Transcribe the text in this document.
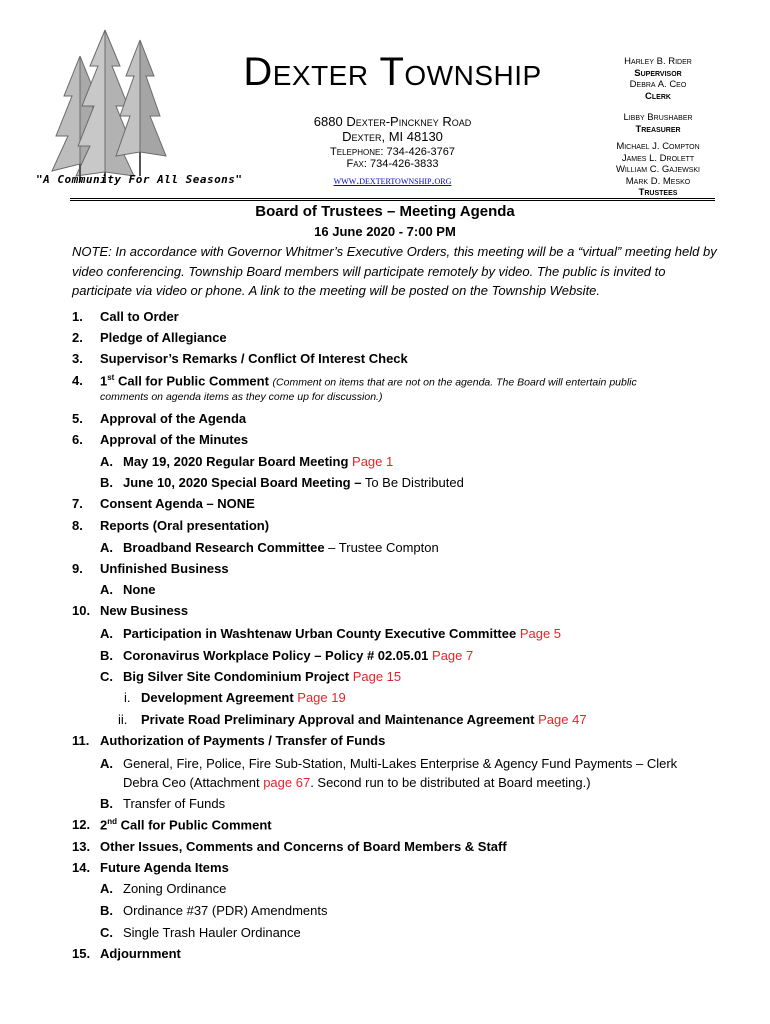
"A Community For All Seasons"
Dexter Township
6880 Dexter-Pinckney Road
Dexter, MI 48130
Telephone: 734-426-3767
Fax: 734-426-3833
www.dextertownship.org
Harley B. Rider
Supervisor
Debra A. Ceo
Clerk
Libby Brushaber
Treasurer
Michael J. Compton
James L. Drolett
William C. Gajewski
Mark D. Mesko
Trustees
Board of Trustees – Meeting Agenda
16 June 2020 - 7:00 PM
NOTE: In accordance with Governor Whitmer’s Executive Orders, this meeting will be a “virtual” meeting held by video conferencing. Township Board members will participate remotely by video. The public is invited to participate via video or phone. A link to the meeting will be posted on the Township Website.
1. Call to Order
2. Pledge of Allegiance
3. Supervisor’s Remarks / Conflict Of Interest Check
4. 1st Call for Public Comment (Comment on items that are not on the agenda. The Board will entertain public
comments on agenda items as they come up for discussion.)
5. Approval of the Agenda
6. Approval of the Minutes
A. May 19, 2020 Regular Board Meeting Page 1
B. June 10, 2020 Special Board Meeting – To Be Distributed
7. Consent Agenda – NONE
8. Reports (Oral presentation)
A. Broadband Research Committee – Trustee Compton
9. Unfinished Business
A. None
10. New Business
A. Participation in Washtenaw Urban County Executive Committee Page 5
B. Coronavirus Workplace Policy – Policy # 02.05.01 Page 7
C. Big Silver Site Condominium Project Page 15
i. Development Agreement Page 19
ii. Private Road Preliminary Approval and Maintenance Agreement Page 47
11. Authorization of Payments / Transfer of Funds
A. General, Fire, Police, Fire Sub-Station, Multi-Lakes Enterprise & Agency Fund Payments – Clerk
Debra Ceo (Attachment page 67. Second run to be distributed at Board meeting.)
B. Transfer of Funds
12. 2nd Call for Public Comment
13. Other Issues, Comments and Concerns of Board Members & Staff
14. Future Agenda Items
A. Zoning Ordinance
B. Ordinance #37 (PDR) Amendments
C. Single Trash Hauler Ordinance
15. Adjournment
